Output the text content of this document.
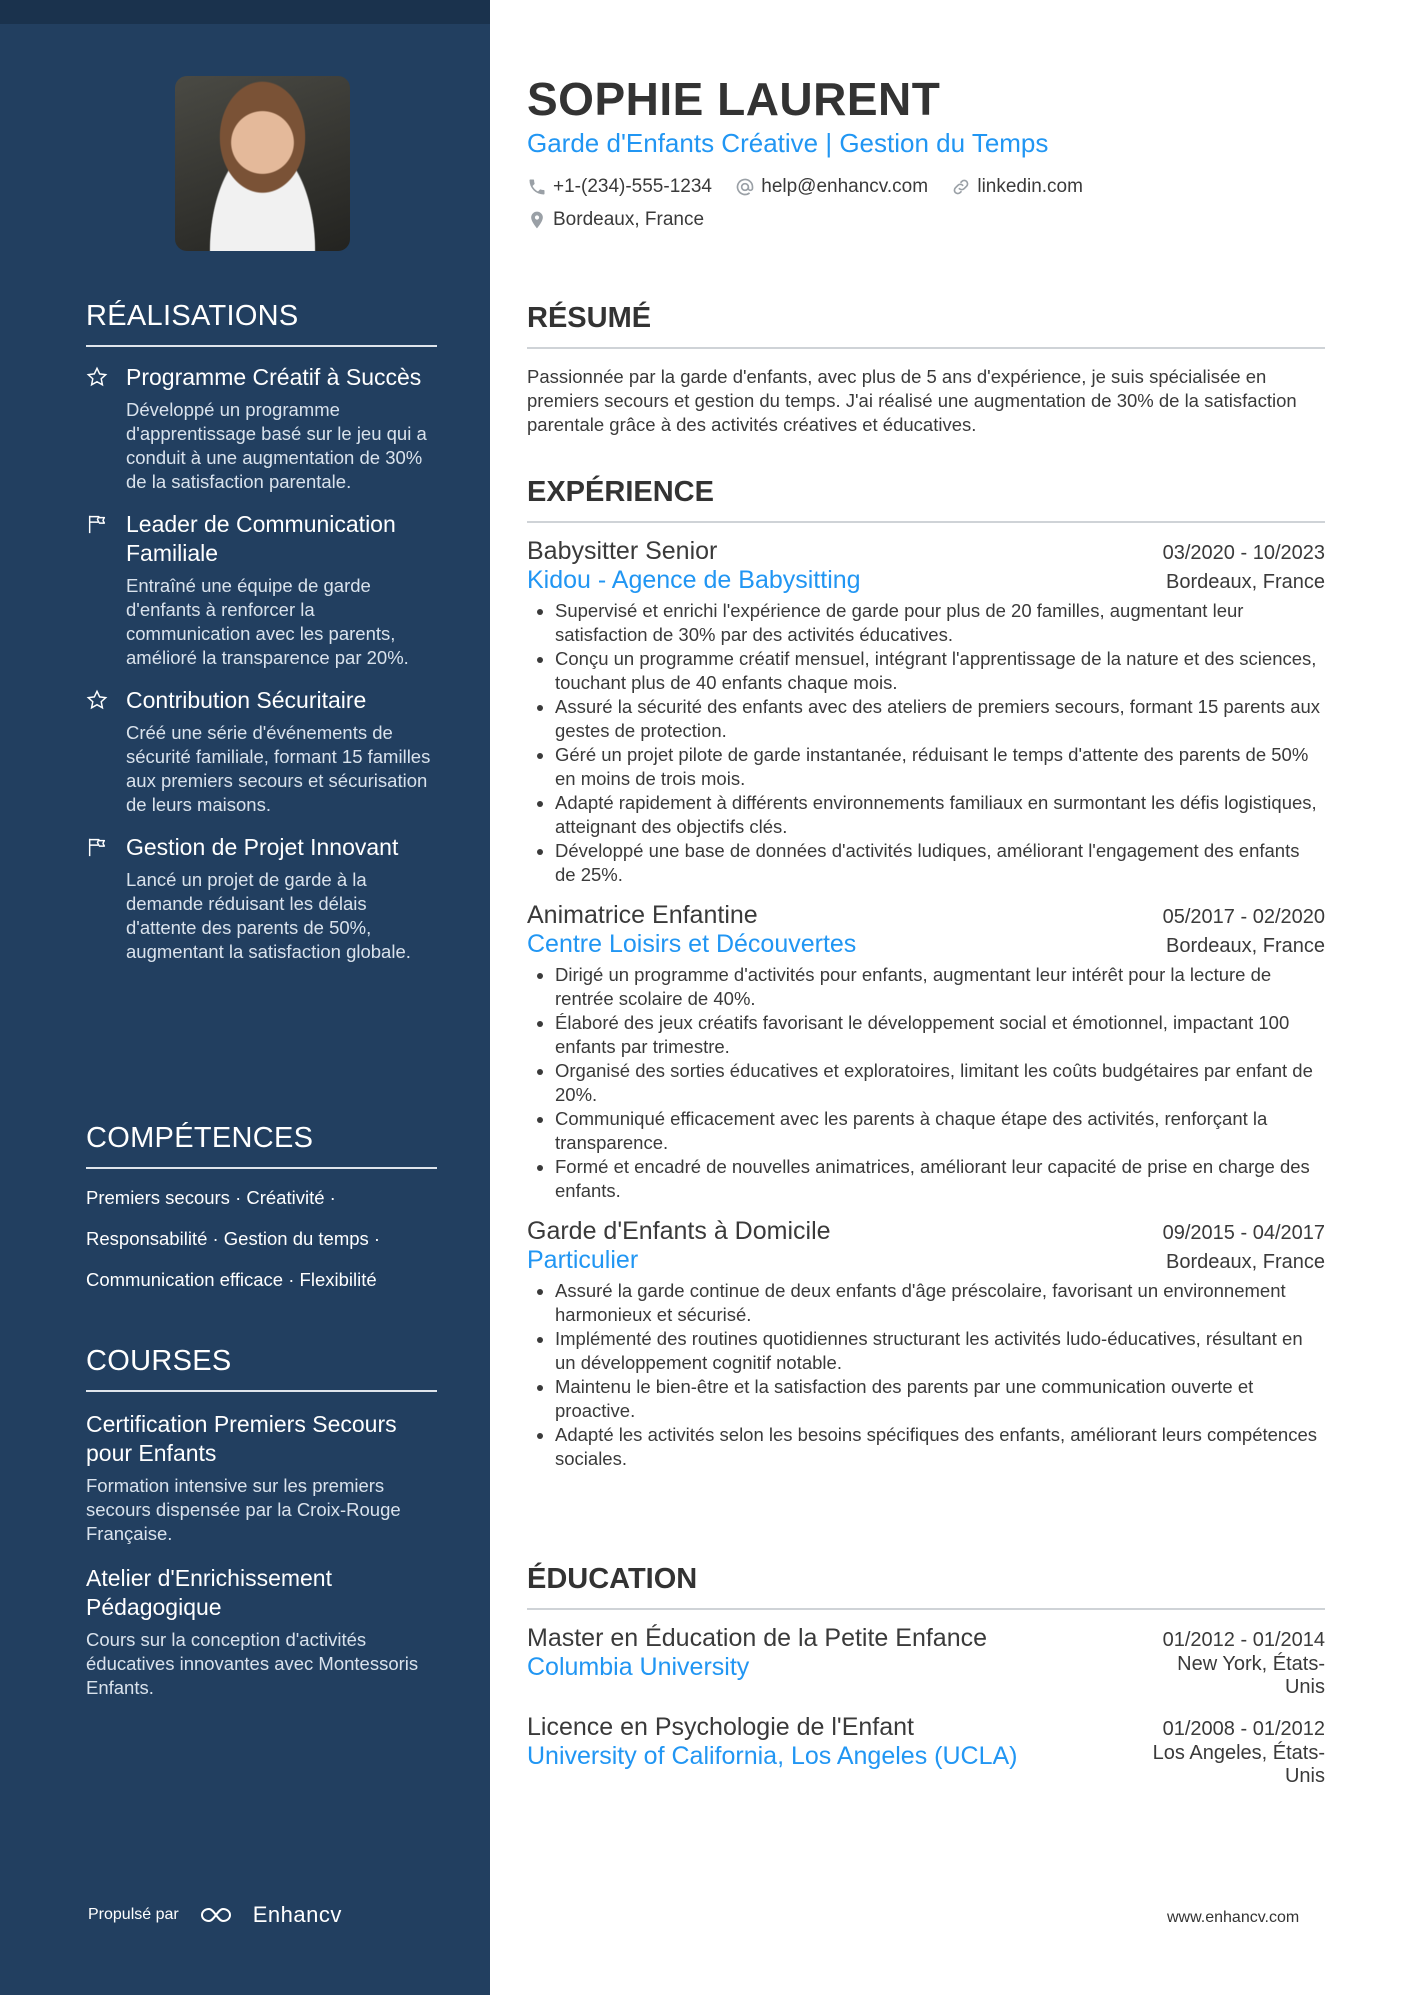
RÉALISATIONS
Programme Créatif à Succès
Développé un programme d'apprentissage basé sur le jeu qui a conduit à une augmentation de 30% de la satisfaction parentale.
Leader de Communication Familiale
Entraîné une équipe de garde d'enfants à renforcer la communication avec les parents, amélioré la transparence par 20%.
Contribution Sécuritaire
Créé une série d'événements de sécurité familiale, formant 15 familles aux premiers secours et sécurisation de leurs maisons.
Gestion de Projet Innovant
Lancé un projet de garde à la demande réduisant les délais d'attente des parents de 50%, augmentant la satisfaction globale.
COMPÉTENCES
Premiers secours · Créativité ·
Responsabilité · Gestion du temps ·
Communication efficace · Flexibilité
COURSES
Certification Premiers Secours pour Enfants
Formation intensive sur les premiers secours dispensée par la Croix-Rouge Française.
Atelier d'Enrichissement Pédagogique
Cours sur la conception d'activités éducatives innovantes avec Montessoris Enfants.
Propulsé par	Enhancv
SOPHIE LAURENT
Garde d'Enfants Créative | Gestion du Temps
+1-(234)-555-1234
	help@enhancv.com
	linkedin.com

Bordeaux, France
RÉSUMÉ
Passionnée par la garde d'enfants, avec plus de 5 ans d'expérience, je suis spécialisée en premiers secours et gestion du temps. J'ai réalisé une augmentation de 30% de la satisfaction parentale grâce à des activités créatives et éducatives.
EXPÉRIENCE
Babysitter Senior	03/2020 - 10/2023
Kidou - Agence de Babysitting	Bordeaux, France
• Supervisé et enrichi l'expérience de garde pour plus de 20 familles, augmentant leur satisfaction de 30% par des activités éducatives.
• Conçu un programme créatif mensuel, intégrant l'apprentissage de la nature et des sciences, touchant plus de 40 enfants chaque mois.
• Assuré la sécurité des enfants avec des ateliers de premiers secours, formant 15 parents aux gestes de protection.
• Géré un projet pilote de garde instantanée, réduisant le temps d'attente des parents de 50% en moins de trois mois.
• Adapté rapidement à différents environnements familiaux en surmontant les défis logistiques, atteignant des objectifs clés.
• Développé une base de données d'activités ludiques, améliorant l'engagement des enfants de 25%.
Animatrice Enfantine	05/2017 - 02/2020
Centre Loisirs et Découvertes	Bordeaux, France
• Dirigé un programme d'activités pour enfants, augmentant leur intérêt pour la lecture de rentrée scolaire de 40%.
• Élaboré des jeux créatifs favorisant le développement social et émotionnel, impactant 100 enfants par trimestre.
• Organisé des sorties éducatives et exploratoires, limitant les coûts budgétaires par enfant de 20%.
• Communiqué efficacement avec les parents à chaque étape des activités, renforçant la transparence.
• Formé et encadré de nouvelles animatrices, améliorant leur capacité de prise en charge des enfants.
Garde d'Enfants à Domicile	09/2015 - 04/2017
Particulier	Bordeaux, France
• Assuré la garde continue de deux enfants d'âge préscolaire, favorisant un environnement harmonieux et sécurisé.
• Implémenté des routines quotidiennes structurant les activités ludo-éducatives, résultant en un développement cognitif notable.
• Maintenu le bien-être et la satisfaction des parents par une communication ouverte et proactive.
• Adapté les activités selon les besoins spécifiques des enfants, améliorant leurs compétences sociales.
ÉDUCATION
Master en Éducation de la Petite Enfance	01/2012 - 01/2014
Columbia University	New York, États-
Unis
Licence en Psychologie de l'Enfant	01/2008 - 01/2012
University of California, Los Angeles (UCLA)	Los Angeles, États-
Unis
www.enhancv.com
